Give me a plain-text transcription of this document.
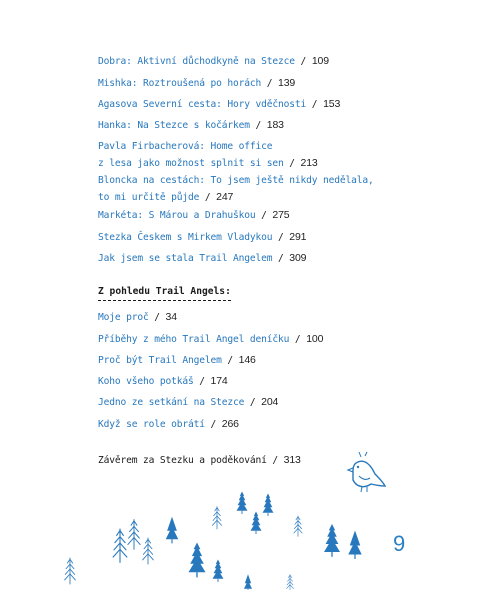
Dobra: Aktivní důchodkyně na Stezce / 109
Mishka: Roztroušená po horách / 139
Agasova Severní cesta: Hory vděčnosti / 153
Hanka: Na Stezce s kočárkem / 183
Pavla Firbacherová: Home office
z lesa jako možnost splnit si sen / 213
Bloncka na cestách: To jsem ještě nikdy nedělala,
to mi určitě půjde / 247
Markéta: S Márou a Drahuškou / 275
Stezka Českem s Mirkem Vladykou / 291
Jak jsem se stala Trail Angelem / 309
Z pohledu Trail Angels:
Moje proč / 34
Příběhy z mého Trail Angel deníčku / 100
Proč být Trail Angelem / 146
Koho všeho potkáš / 174
Jedno ze setkání na Stezce / 204
Když se role obrátí / 266
Závěrem za Stezku a poděkování / 313
9
